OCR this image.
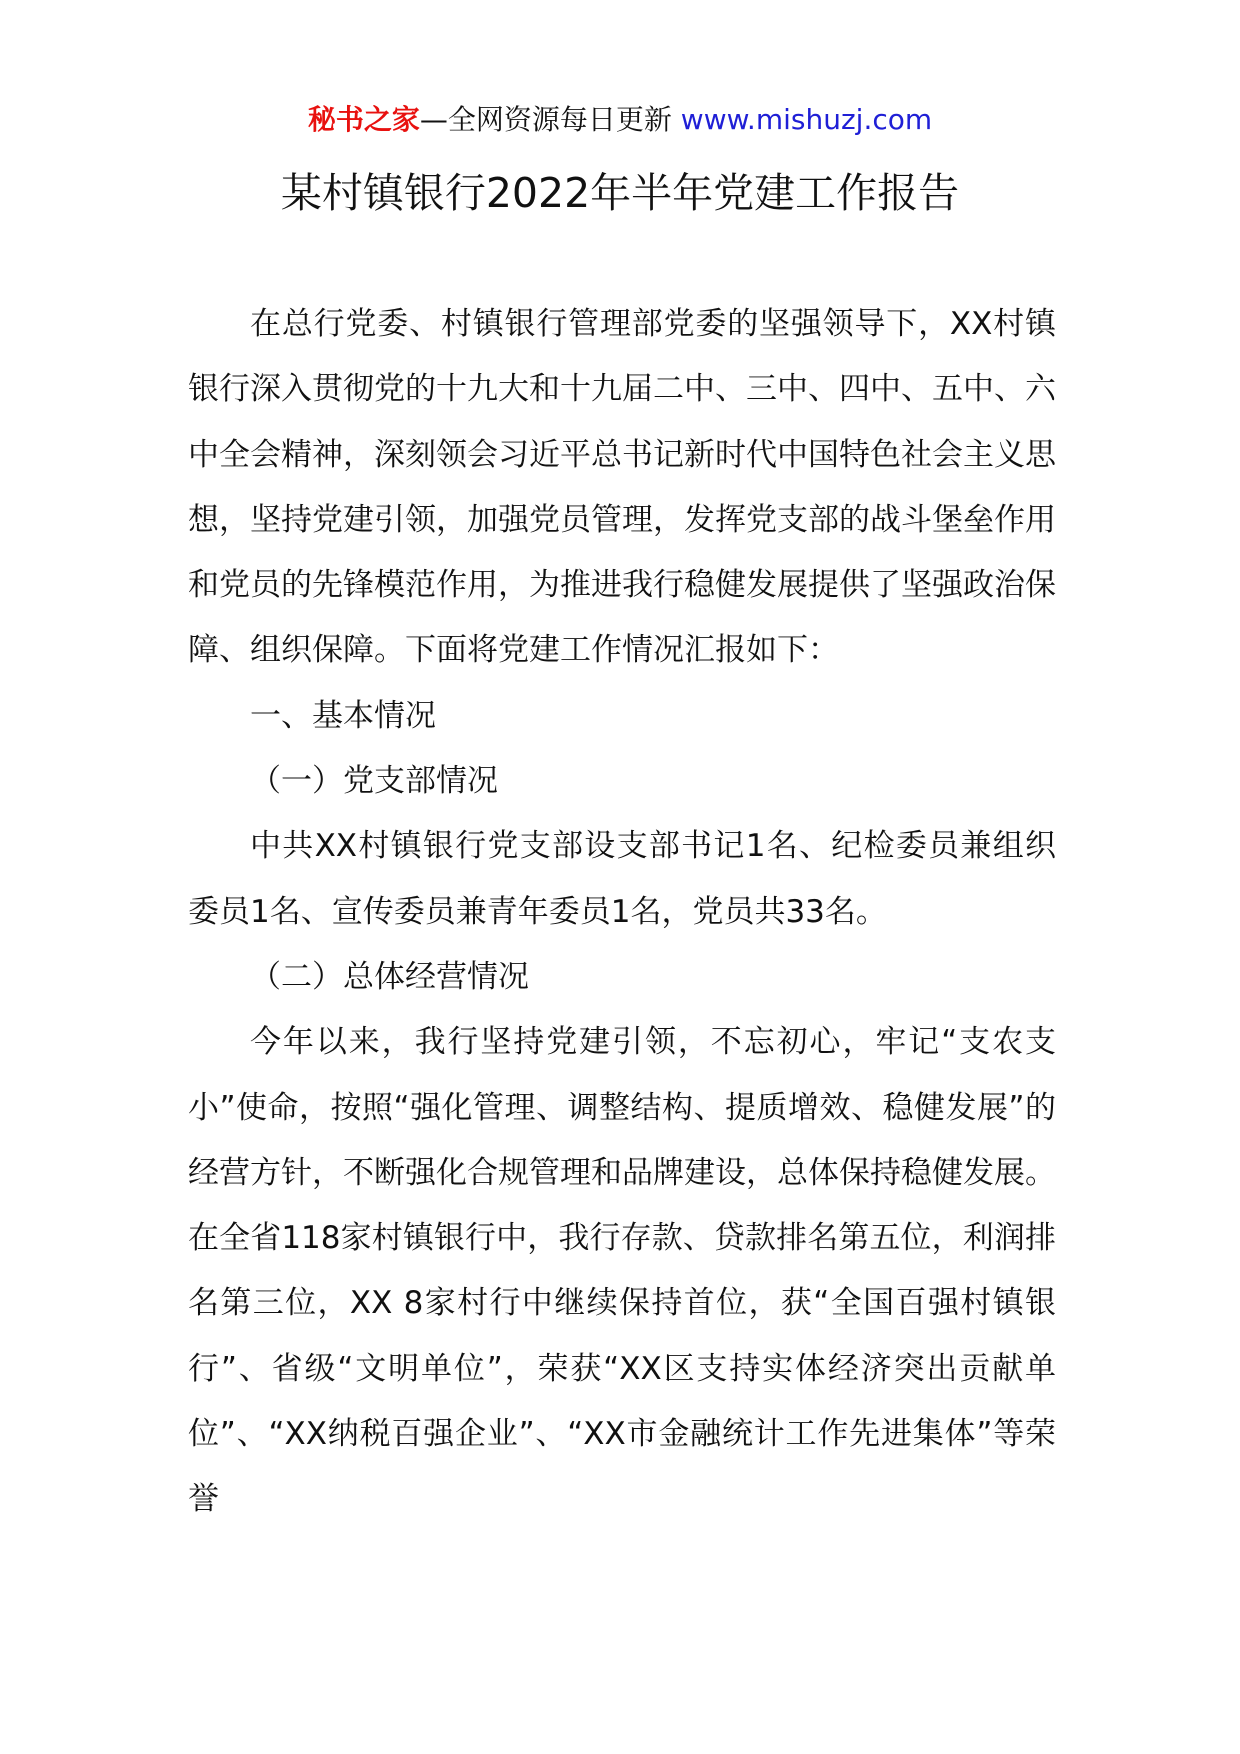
秘书之家—全网资源每日更新 www.mishuzj.com
某村镇银行2022年半年党建工作报告

在总行党委、村镇银行管理部党委的坚强领导下，XX村镇银行深入贯彻党的十九大和十九届二中、三中、四中、五中、六中全会精神，深刻领会习近平总书记新时代中国特色社会主义思想，坚持党建引领，加强党员管理，发挥党支部的战斗堡垒作用和党员的先锋模范作用，为推进我行稳健发展提供了坚强政治保障、组织保障。下面将党建工作情况汇报如下：

一、基本情况

（一）党支部情况

中共XX村镇银行党支部设支部书记1名、纪检委员兼组织委员1名、宣传委员兼青年委员1名，党员共33名。

（二）总体经营情况

今年以来，我行坚持党建引领，不忘初心，牢记“支农支小”使命，按照“强化管理、调整结构、提质增效、稳健发展”的经营方针，不断强化合规管理和品牌建设，总体保持稳健发展。在全省118家村镇银行中，我行存款、贷款排名第五位，利润排名第三位，XX 8家村行中继续保持首位，获“全国百强村镇银行”、省级“文明单位”，荣获“XX区支持实体经济突出贡献单位”、“XX纳税百强企业”、“XX市金融统计工作先进集体”等荣誉
